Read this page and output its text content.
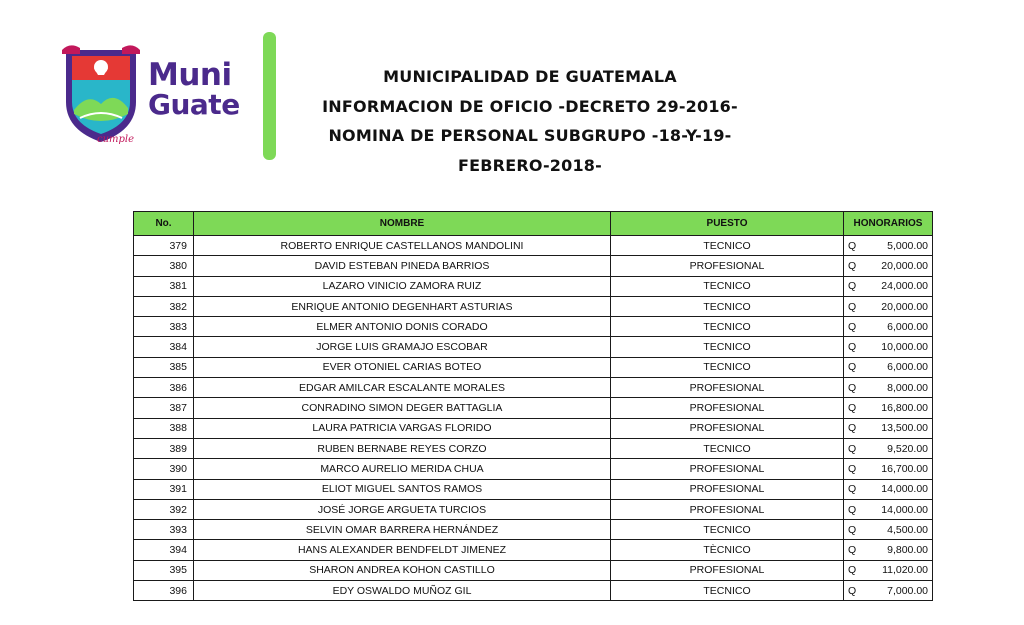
Muni
Guate
cumple
MUNICIPALIDAD DE GUATEMALA
INFORMACION DE OFICIO -DECRETO 29-2016-
NOMINA DE PERSONAL SUBGRUPO -18-Y-19-
FEBRERO-2018-
No.	NOMBRE	PUESTO	HONORARIOS
379	ROBERTO ENRIQUE CASTELLANOS MANDOLINI	TECNICO	Q 5,000.00

380	DAVID ESTEBAN PINEDA BARRIOS	PROFESIONAL	Q 20,000.00

381	LAZARO VINICIO ZAMORA RUIZ	TECNICO	Q 24,000.00

382	ENRIQUE ANTONIO DEGENHART ASTURIAS	TECNICO	Q 20,000.00

383	ELMER ANTONIO DONIS CORADO	TECNICO	Q 6,000.00

384	JORGE LUIS GRAMAJO ESCOBAR	TECNICO	Q 10,000.00

385	EVER OTONIEL CARIAS BOTEO	TECNICO	Q 6,000.00

386	EDGAR AMILCAR ESCALANTE MORALES	PROFESIONAL	Q 8,000.00

387	CONRADINO SIMON DEGER BATTAGLIA	PROFESIONAL	Q 16,800.00

388	LAURA PATRICIA VARGAS FLORIDO	PROFESIONAL	Q 13,500.00

389	RUBEN BERNABE REYES CORZO	TECNICO	Q 9,520.00

390	MARCO AURELIO MERIDA CHUA	PROFESIONAL	Q 16,700.00

391	ELIOT MIGUEL SANTOS RAMOS	PROFESIONAL	Q 14,000.00

392	JOSÉ JORGE ARGUETA TURCIOS	PROFESIONAL	Q 14,000.00

393	SELVIN OMAR BARRERA HERNÁNDEZ	TECNICO	Q 4,500.00

394	HANS ALEXANDER BENDFELDT JIMENEZ	TÈCNICO	Q 9,800.00

395	SHARON ANDREA KOHON CASTILLO	PROFESIONAL	Q 11,020.00

396	EDY OSWALDO MUÑOZ GIL	TECNICO	Q 7,000.00
